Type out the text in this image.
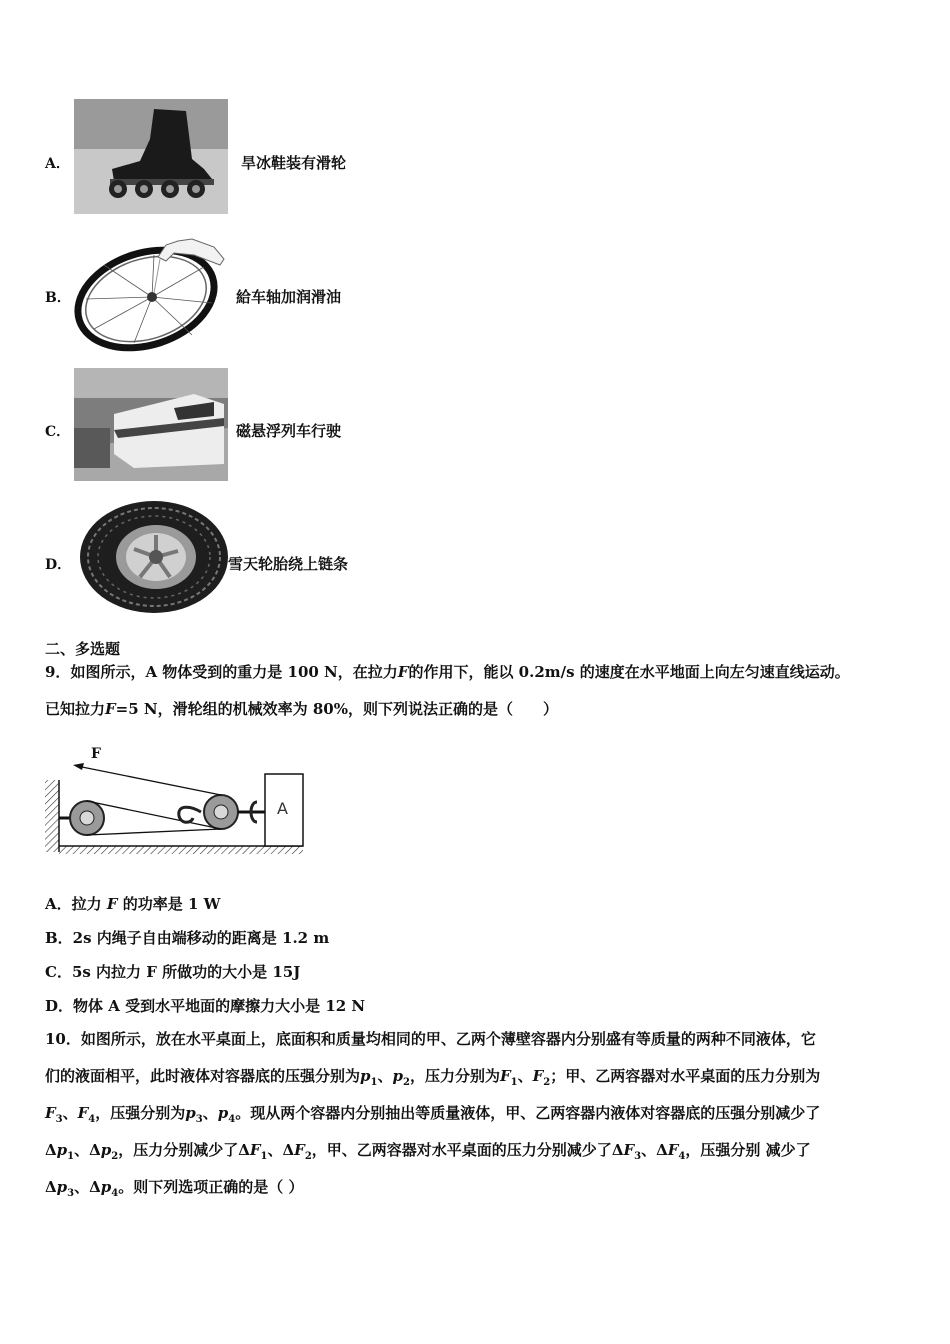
A．	旱冰鞋装有滑轮
B．	給车轴加润滑油
C．	磁悬浮列车行驶
D．	雪天轮胎绕上链条
二、多选题
9．如图所示，A 物体受到的重力是 100 N，在拉力F的作用下，能以 0.2m/s 的速度在水平地面上向左匀速直线运动。
已知拉力F=5 N，滑轮组的机械效率为 80%，则下列说法正确的是（　　）
A
F
A．拉力 F 的功率是 1 W
B．2s 内绳子自由端移动的距离是 1.2 m
C．5s 内拉力 F 所做功的大小是 15J
D．物体 A 受到水平地面的摩擦力大小是 12 N
10．如图所示，放在水平桌面上，底面积和质量均相同的甲、乙两个薄壁容器内分别盛有等质量的两种不同液体，它
们的液面相平，此时液体对容器底的压强分别为$p_1$、$p_2$，压力分别为$F_1$、$F_2$；甲、乙两容器对水平桌面的压力分别为
$F_3$、$F_4$，压强分别为$p_3$、$p_4$。现从两个容器内分别抽出等质量液体，甲、乙两容器内液体对容器底的压强分别减少了
$\Delta p_1$、$\Delta p_2$，压力分别减少了$\Delta F_1$、$\Delta F_2$，甲、乙两容器对水平桌面的压力分别减少了$\Delta F_3$、$\Delta F_4$，压强分别 减少了
$\Delta p_3$、$\Delta p_4$。则下列选项正确的是（ ）
